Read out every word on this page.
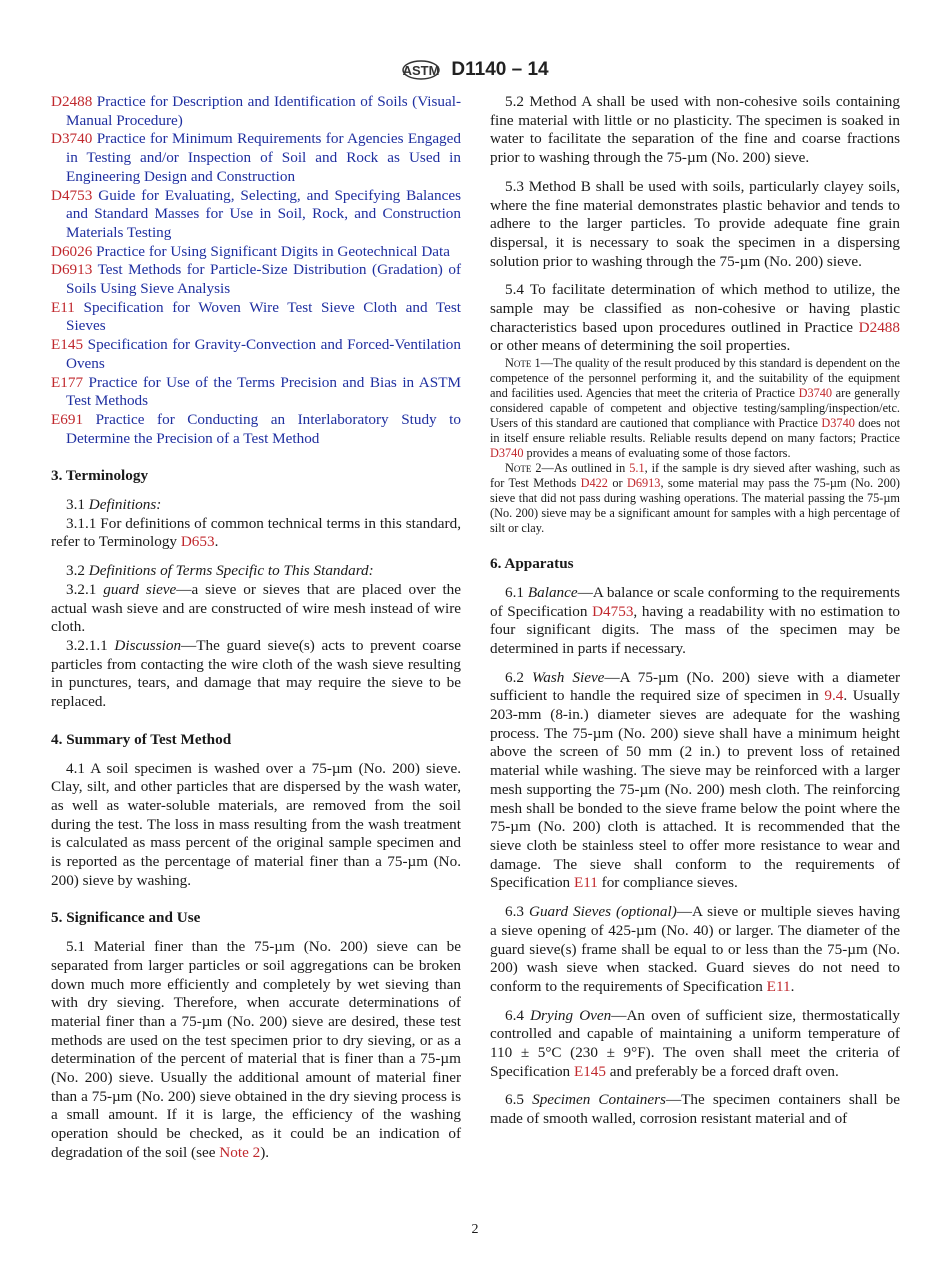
ASTM D1140 – 14
D2488 Practice for Description and Identification of Soils (Visual-Manual Procedure)
D3740 Practice for Minimum Requirements for Agencies Engaged in Testing and/or Inspection of Soil and Rock as Used in Engineering Design and Construction
D4753 Guide for Evaluating, Selecting, and Specifying Balances and Standard Masses for Use in Soil, Rock, and Construction Materials Testing
D6026 Practice for Using Significant Digits in Geotechnical Data
D6913 Test Methods for Particle-Size Distribution (Gradation) of Soils Using Sieve Analysis
E11 Specification for Woven Wire Test Sieve Cloth and Test Sieves
E145 Specification for Gravity-Convection and Forced-Ventilation Ovens
E177 Practice for Use of the Terms Precision and Bias in ASTM Test Methods
E691 Practice for Conducting an Interlaboratory Study to Determine the Precision of a Test Method
3. Terminology
3.1 Definitions:
3.1.1 For definitions of common technical terms in this standard, refer to Terminology D653.
3.2 Definitions of Terms Specific to This Standard:
3.2.1 guard sieve—a sieve or sieves that are placed over the actual wash sieve and are constructed of wire mesh instead of wire cloth.
3.2.1.1 Discussion—The guard sieve(s) acts to prevent coarse particles from contacting the wire cloth of the wash sieve resulting in punctures, tears, and damage that may require the sieve to be replaced.
4. Summary of Test Method
4.1 A soil specimen is washed over a 75-µm (No. 200) sieve. Clay, silt, and other particles that are dispersed by the wash water, as well as water-soluble materials, are removed from the soil during the test. The loss in mass resulting from the wash treatment is calculated as mass percent of the original sample specimen and is reported as the percentage of material finer than a 75-µm (No. 200) sieve by washing.
5. Significance and Use
5.1 Material finer than the 75-µm (No. 200) sieve can be separated from larger particles or soil aggregations can be broken down much more efficiently and completely by wet sieving than with dry sieving. Therefore, when accurate determinations of material finer than a 75-µm (No. 200) sieve are desired, these test methods are used on the test specimen prior to dry sieving, or as a determination of the percent of material that is finer than a 75-µm (No. 200) sieve. Usually the additional amount of material finer than a 75-µm (No. 200) sieve obtained in the dry sieving process is a small amount. If it is large, the efficiency of the washing operation should be checked, as it could be an indication of degradation of the soil (see Note 2).
5.2 Method A shall be used with non-cohesive soils containing fine material with little or no plasticity. The specimen is soaked in water to facilitate the separation of the fine and coarse fractions prior to washing through the 75-µm (No. 200) sieve.
5.3 Method B shall be used with soils, particularly clayey soils, where the fine material demonstrates plastic behavior and tends to adhere to the larger particles. To provide adequate fine grain dispersal, it is necessary to soak the specimen in a dispersing solution prior to washing through the 75-µm (No. 200) sieve.
5.4 To facilitate determination of which method to utilize, the sample may be classified as non-cohesive or having plastic characteristics based upon procedures outlined in Practice D2488 or other means of determining the soil properties.
Note 1—The quality of the result produced by this standard is dependent on the competence of the personnel performing it, and the suitability of the equipment and facilities used. Agencies that meet the criteria of Practice D3740 are generally considered capable of competent and objective testing/sampling/inspection/etc. Users of this standard are cautioned that compliance with Practice D3740 does not in itself ensure reliable results. Reliable results depend on many factors; Practice D3740 provides a means of evaluating some of those factors.
Note 2—As outlined in 5.1, if the sample is dry sieved after washing, such as for Test Methods D422 or D6913, some material may pass the 75-µm (No. 200) sieve that did not pass during washing operations. The material passing the 75-µm (No. 200) sieve may be a significant amount for samples with a high percentage of silt or clay.
6. Apparatus
6.1 Balance—A balance or scale conforming to the requirements of Specification D4753, having a readability with no estimation to four significant digits. The mass of the specimen may be determined in parts if necessary.
6.2 Wash Sieve—A 75-µm (No. 200) sieve with a diameter sufficient to handle the required size of specimen in 9.4. Usually 203-mm (8-in.) diameter sieves are adequate for the washing process. The 75-µm (No. 200) sieve shall have a minimum height above the screen of 50 mm (2 in.) to prevent loss of retained material while washing. The sieve may be reinforced with a larger mesh supporting the 75-µm (No. 200) mesh cloth. The reinforcing mesh shall be bonded to the sieve frame below the point where the 75-µm (No. 200) cloth is attached. It is recommended that the sieve cloth be stainless steel to offer more resistance to wear and damage. The sieve shall conform to the requirements of Specification E11 for compliance sieves.
6.3 Guard Sieves (optional)—A sieve or multiple sieves having a sieve opening of 425-µm (No. 40) or larger. The diameter of the guard sieve(s) frame shall be equal to or less than the 75-µm (No. 200) wash sieve when stacked. Guard sieves do not need to conform to the requirements of Specification E11.
6.4 Drying Oven—An oven of sufficient size, thermostatically controlled and capable of maintaining a uniform temperature of 110 ± 5°C (230 ± 9°F). The oven shall meet the criteria of Specification E145 and preferably be a forced draft oven.
6.5 Specimen Containers—The specimen containers shall be made of smooth walled, corrosion resistant material and of
2
